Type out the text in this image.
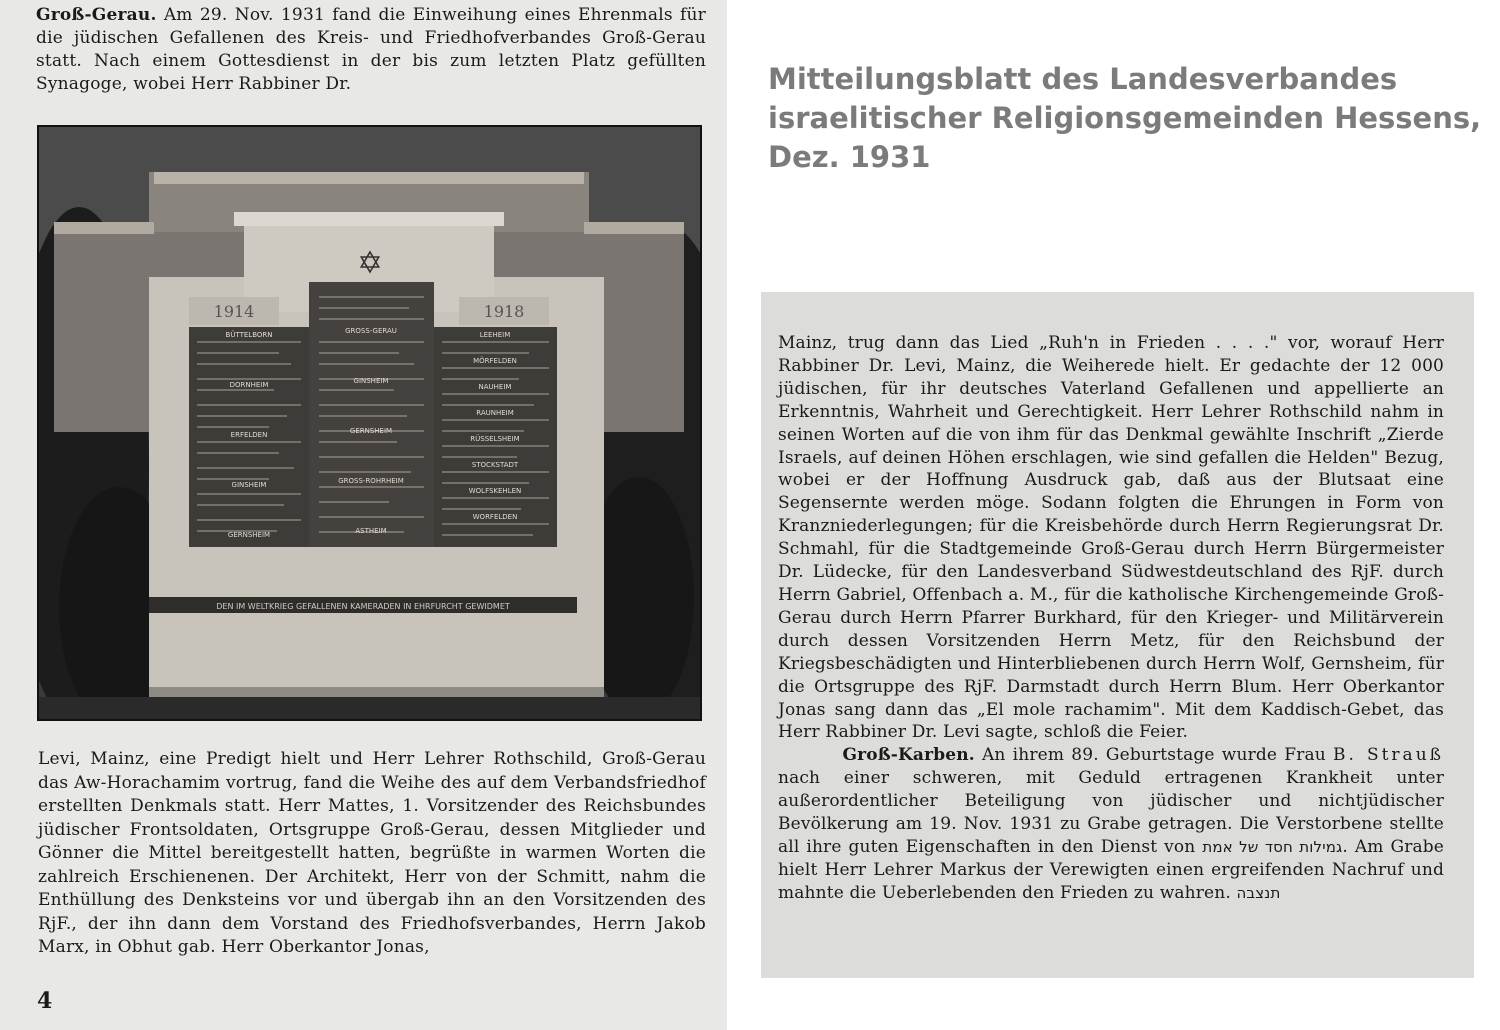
Groß-Gerau. Am 29. Nov. 1931 fand die Einweihung eines Ehrenmals für die jüdischen Gefallenen des Kreis- und Friedhofverbandes Groß-Gerau statt. Nach einem Gottesdienst in der bis zum letzten Platz gefüllten Synagoge, wobei Herr Rabbiner Dr.
1914	1918
DEN IM WELTKRIEG GEFALLENEN KAMERADEN IN EHRFURCHT GEWIDMET
BÜTTELBORN
DORNHEIM
ERFELDEN
GINSHEIM
GERNSHEIM
GROSS-GERAU
GINSHEIM
GERNSHEIM
GROSS-ROHRHEIM
ASTHEIM
LEEHEIM
MÖRFELDEN
NAUHEIM
RAUNHEIM
RÜSSELSHEIM
STOCKSTADT
WOLFSKEHLEN
WORFELDEN
Levi, Mainz, eine Predigt hielt und Herr Lehrer Rothschild, Groß-Gerau das Aw-Horachamim vortrug, fand die Weihe des auf dem Verbandsfriedhof erstellten Denkmals statt. Herr Mattes, 1. Vorsitzender des Reichsbundes jüdischer Frontsoldaten, Ortsgruppe Groß-Gerau, dessen Mitglieder und Gönner die Mittel bereitgestellt hatten, begrüßte in warmen Worten die zahlreich Erschienenen. Der Architekt, Herr von der Schmitt, nahm die Enthüllung des Denksteins vor und übergab ihn an den Vorsitzenden des RjF., der ihn dann dem Vorstand des Friedhofsverbandes, Herrn Jakob Marx, in Obhut gab. Herr Oberkantor Jonas,
4
Mitteilungsblatt des Landesverbandes israelitischer Religionsgemeinden Hessens, Dez. 1931
Mainz, trug dann das Lied „Ruh'n in Frieden . . . ." vor, worauf Herr Rabbiner Dr. Levi, Mainz, die Weiherede hielt. Er gedachte der 12 000 jüdischen, für ihr deutsches Vaterland Gefallenen und appellierte an Erkenntnis, Wahrheit und Gerechtigkeit. Herr Lehrer Rothschild nahm in seinen Worten auf die von ihm für das Denkmal gewählte Inschrift „Zierde Israels, auf deinen Höhen erschlagen, wie sind gefallen die Helden" Bezug, wobei er der Hoffnung Ausdruck gab, daß aus der Blutsaat eine Segensernte werden möge. Sodann folgten die Ehrungen in Form von Kranzniederlegungen; für die Kreisbehörde durch Herrn Regierungsrat Dr. Schmahl, für die Stadtgemeinde Groß-Gerau durch Herrn Bürgermeister Dr. Lüdecke, für den Landesverband Südwestdeutschland des RjF. durch Herrn Gabriel, Offenbach a. M., für die katholische Kirchengemeinde Groß-Gerau durch Herrn Pfarrer Burkhard, für den Krieger- und Militärverein durch dessen Vorsitzenden Herrn Metz, für den Reichsbund der Kriegsbeschädigten und Hinterbliebenen durch Herrn Wolf, Gernsheim, für die Ortsgruppe des RjF. Darmstadt durch Herrn Blum. Herr Oberkantor Jonas sang dann das „El mole rachamim". Mit dem Kaddisch-Gebet, das Herr Rabbiner Dr. Levi sagte, schloß die Feier.
Groß-Karben. An ihrem 89. Geburtstage wurde Frau B. Strauß nach einer schweren, mit Geduld ertragenen Krankheit unter außerordentlicher Beteiligung von jüdischer und nichtjüdischer Bevölkerung am 19. Nov. 1931 zu Grabe getragen. Die Verstorbene stellte all ihre guten Eigenschaften in den Dienst von גמילות חסד של אמת. Am Grabe hielt Herr Lehrer Markus der Verewigten einen ergreifenden Nachruf und mahnte die Ueberlebenden den Frieden zu wahren. תנצבה
